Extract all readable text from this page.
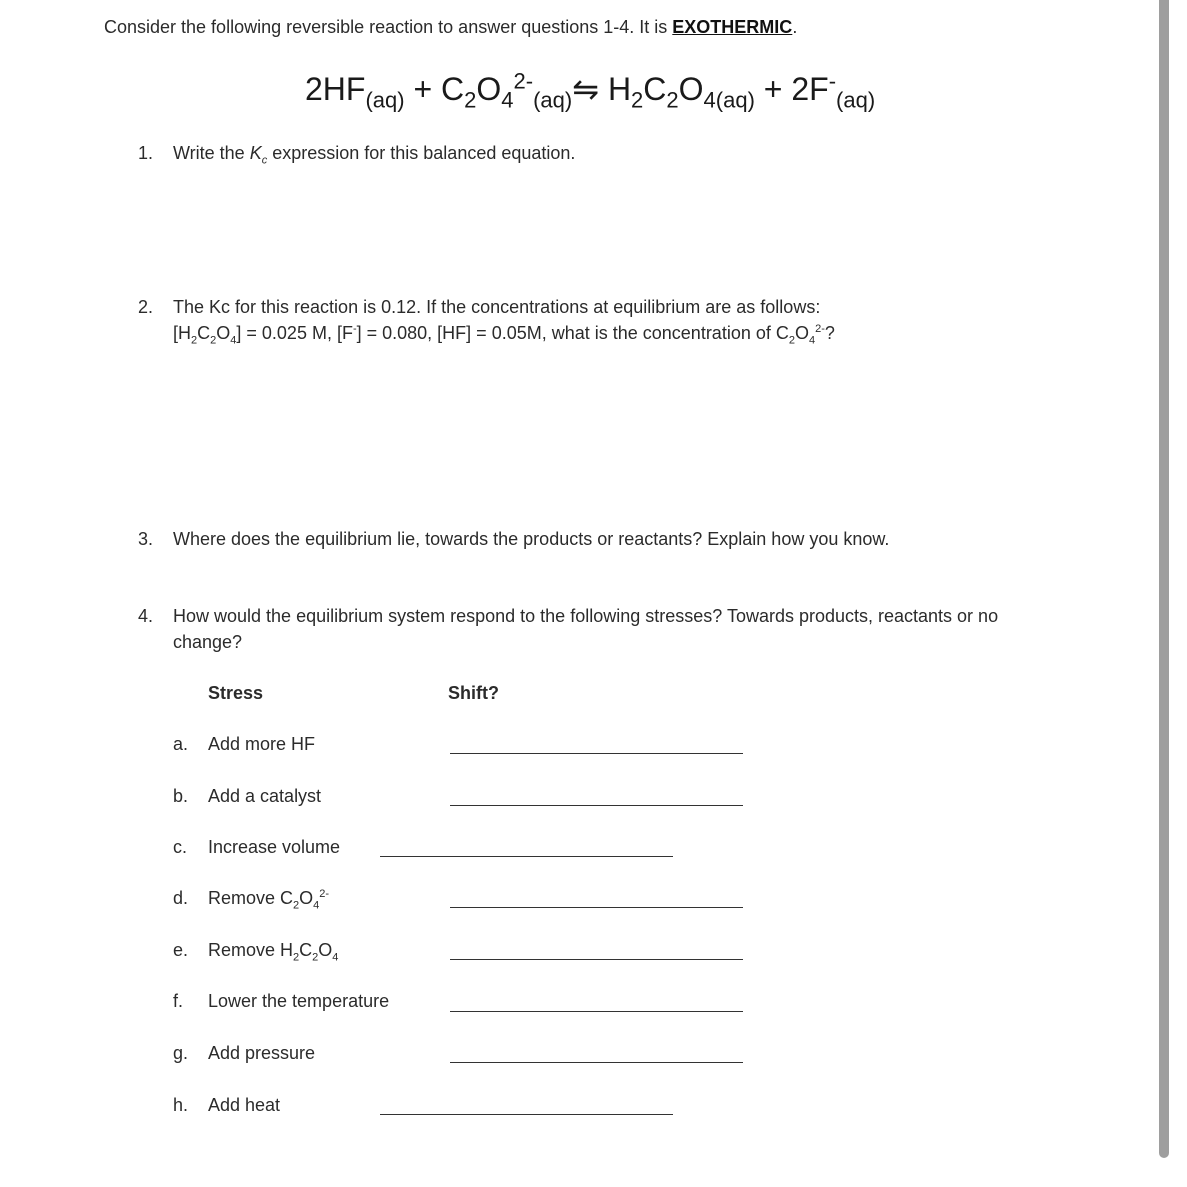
Consider the following reversible reaction to answer questions 1-4. It is EXOTHERMIC.
$2HF_{(aq)}$ + $C_2O_4^{2-}_{(aq)}⇋$ $H_2C_2O_{4(aq)} + 2F^-_{(aq)}$
1. Write the $K_c$ expression for this balanced equation.
2. The Kc for this reaction is 0.12. If the concentrations at equilibrium are as follows:
$[H_2C_2O_4] = 0.025$ M, [F-] = 0.080, [HF] = 0.05M, what is the concentration of $C_2O_4^{2-}$?
3. Where does the equilibrium lie, towards the products or reactants? Explain how you know.
4. How would the equilibrium system respond to the following stresses? Towards products, reactants or no
change?
Stress	Shift?
a. Add more HF
b. Add a catalyst
c. Increase volume
d. Remove $C_2O_4^{2-}$
e. Remove $H_2C_2O_4$
f. Lower the temperature
g. Add pressure
h. Add heat
